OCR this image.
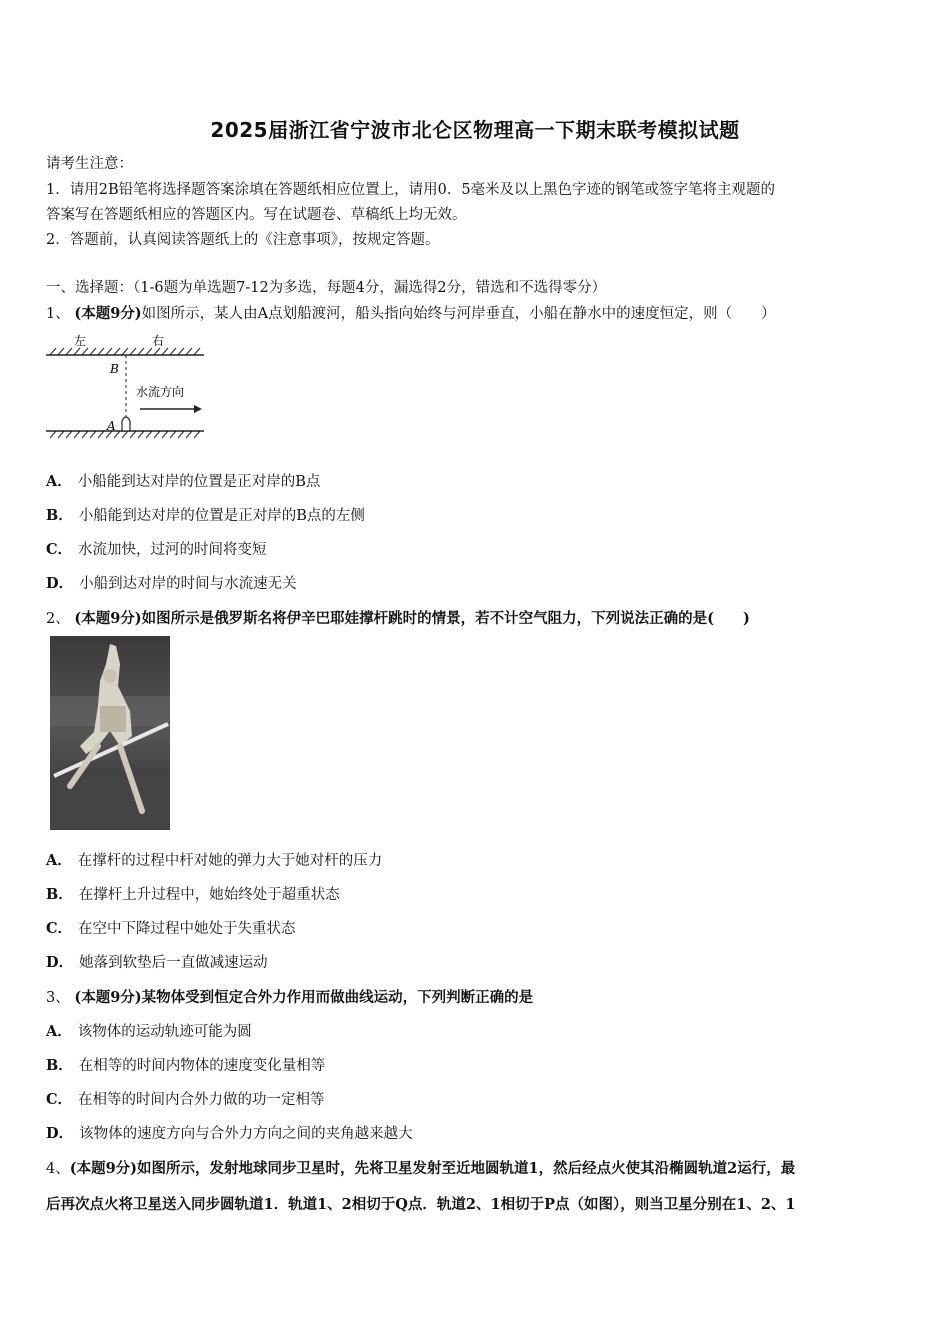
2025届浙江省宁波市北仑区物理高一下期末联考模拟试题
请考生注意：
1．请用2B铅笔将选择题答案涂填在答题纸相应位置上，请用0．5毫米及以上黑色字迹的钢笔或签字笔将主观题的
答案写在答题纸相应的答题区内。写在试题卷、草稿纸上均无效。
2．答题前，认真阅读答题纸上的《注意事项》，按规定答题。
一、选择题：（1-6题为单选题7-12为多选，每题4分，漏选得2分，错选和不选得零分）
1、 (本题9分)如图所示，某人由A点划船渡河，船头指向始终与河岸垂直，小船在静水中的速度恒定，则（　　）
左	右
B
A
水流方向
A． 小船能到达对岸的位置是正对岸的B点
B． 小船能到达对岸的位置是正对岸的B点的左侧
C． 水流加快，过河的时间将变短
D． 小船到达对岸的时间与水流速无关
2、 (本题9分)如图所示是俄罗斯名将伊辛巴耶娃撑杆跳时的情景，若不计空气阻力，下列说法正确的是(　　)
A． 在撑杆的过程中杆对她的弹力大于她对杆的压力
B． 在撑杆上升过程中，她始终处于超重状态
C． 在空中下降过程中她处于失重状态
D． 她落到软垫后一直做减速运动
3、 (本题9分)某物体受到恒定合外力作用而做曲线运动，下列判断正确的是
A． 该物体的运动轨迹可能为圆
B． 在相等的时间内物体的速度变化量相等
C． 在相等的时间内合外力做的功一定相等
D． 该物体的速度方向与合外力方向之间的夹角越来越大
4、(本题9分)如图所示，发射地球同步卫星时，先将卫星发射至近地圆轨道1，然后经点火使其沿椭圆轨道2运行，最
后再次点火将卫星送入同步圆轨道1．轨道1、2相切于Q点．轨道2、1相切于P点（如图），则当卫星分别在1、2、1
